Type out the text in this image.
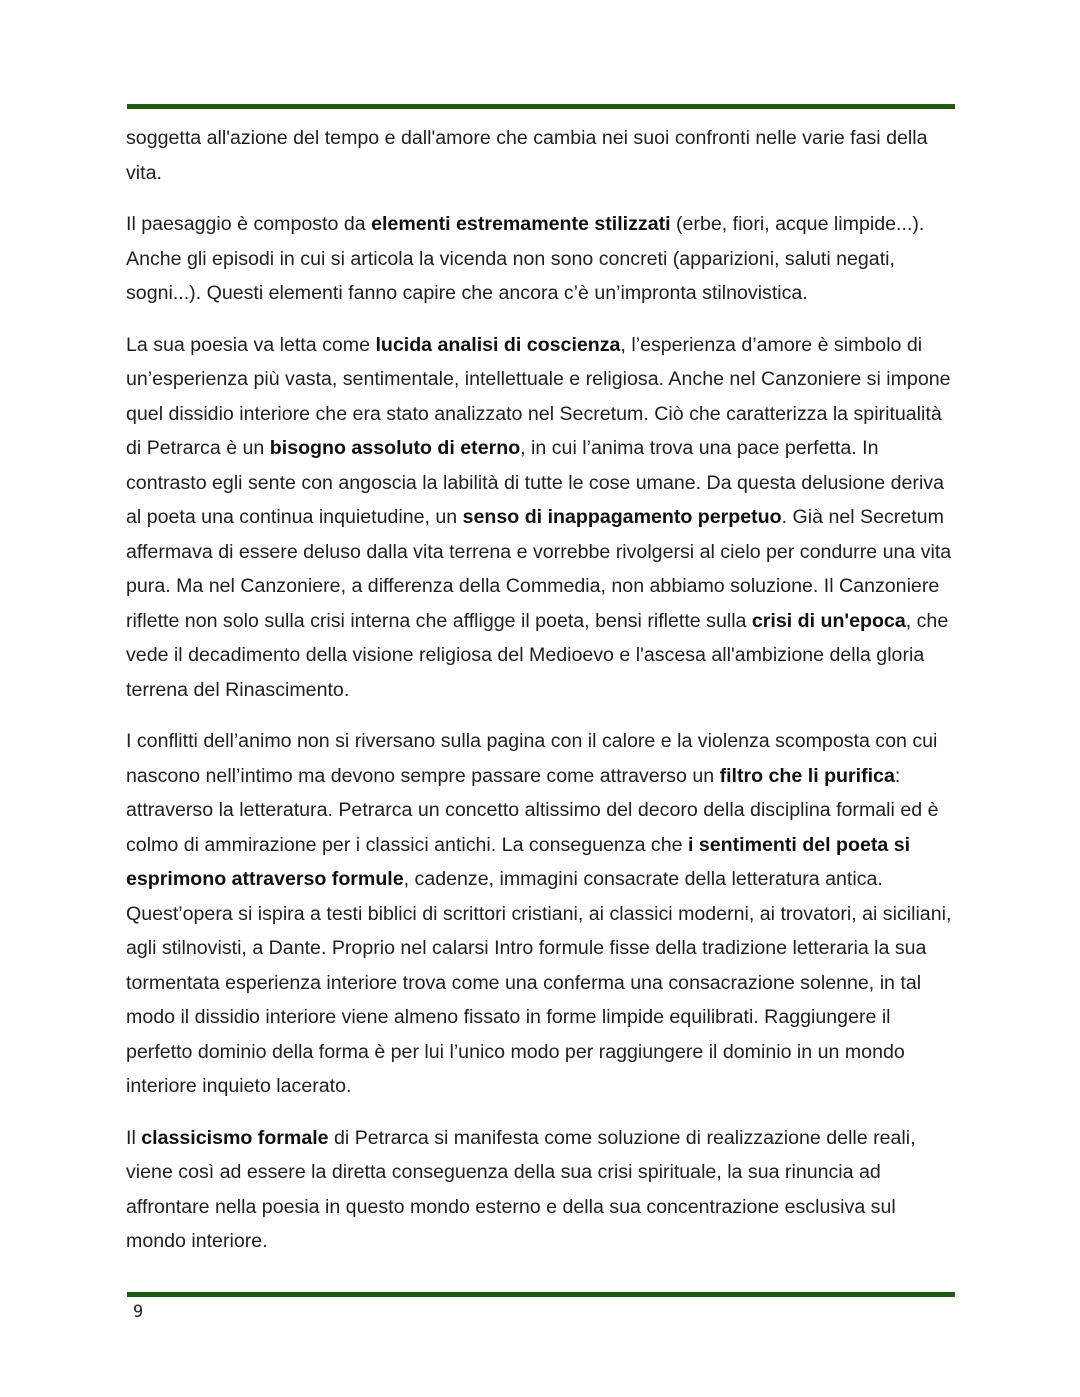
soggetta all'azione del tempo e dall'amore che cambia nei suoi confronti nelle varie fasi della vita.

Il paesaggio è composto da elementi estremamente stilizzati (erbe, fiori, acque limpide...). Anche gli episodi in cui si articola la vicenda non sono concreti (apparizioni, saluti negati, sogni...). Questi elementi fanno capire che ancora c’è un’impronta stilnovistica.

La sua poesia va letta come lucida analisi di coscienza, l’esperienza d’amore è simbolo di un’esperienza più vasta, sentimentale, intellettuale e religiosa. Anche nel Canzoniere si impone quel dissidio interiore che era stato analizzato nel Secretum. Ciò che caratterizza la spiritualità di Petrarca è un bisogno assoluto di eterno, in cui l’anima trova una pace perfetta. In contrasto egli sente con angoscia la labilità di tutte le cose umane. Da questa delusione deriva al poeta una continua inquietudine, un senso di inappagamento perpetuo. Già nel Secretum affermava di essere deluso dalla vita terrena e vorrebbe rivolgersi al cielo per condurre una vita pura. Ma nel Canzoniere, a differenza della Commedia, non abbiamo soluzione. Il Canzoniere riflette non solo sulla crisi interna che affligge il poeta, bensi riflette sulla crisi di un'epoca, che vede il decadimento della visione religiosa del Medioevo e l'ascesa all'ambizione della gloria terrena del Rinascimento.

I conflitti dell’animo non si riversano sulla pagina con il calore e la violenza scomposta con cui nascono nell’intimo ma devono sempre passare come attraverso un filtro che li purifica: attraverso la letteratura. Petrarca un concetto altissimo del decoro della disciplina formali ed è colmo di ammirazione per i classici antichi. La conseguenza che i sentimenti del poeta si esprimono attraverso formule, cadenze, immagini consacrate della letteratura antica. Quest’opera si ispira a testi biblici di scrittori cristiani, ai classici moderni, ai trovatori, ai siciliani, agli stilnovisti, a Dante. Proprio nel calarsi Intro formule fisse della tradizione letteraria la sua tormentata esperienza interiore trova come una conferma una consacrazione solenne, in tal modo il dissidio interiore viene almeno fissato in forme limpide equilibrati. Raggiungere il perfetto dominio della forma è per lui l’unico modo per raggiungere il dominio in un mondo interiore inquieto lacerato.

Il classicismo formale di Petrarca si manifesta come soluzione di realizzazione delle reali, viene così ad essere la diretta conseguenza della sua crisi spirituale, la sua rinuncia ad affrontare nella poesia in questo mondo esterno e della sua concentrazione esclusiva sul mondo interiore.

9
